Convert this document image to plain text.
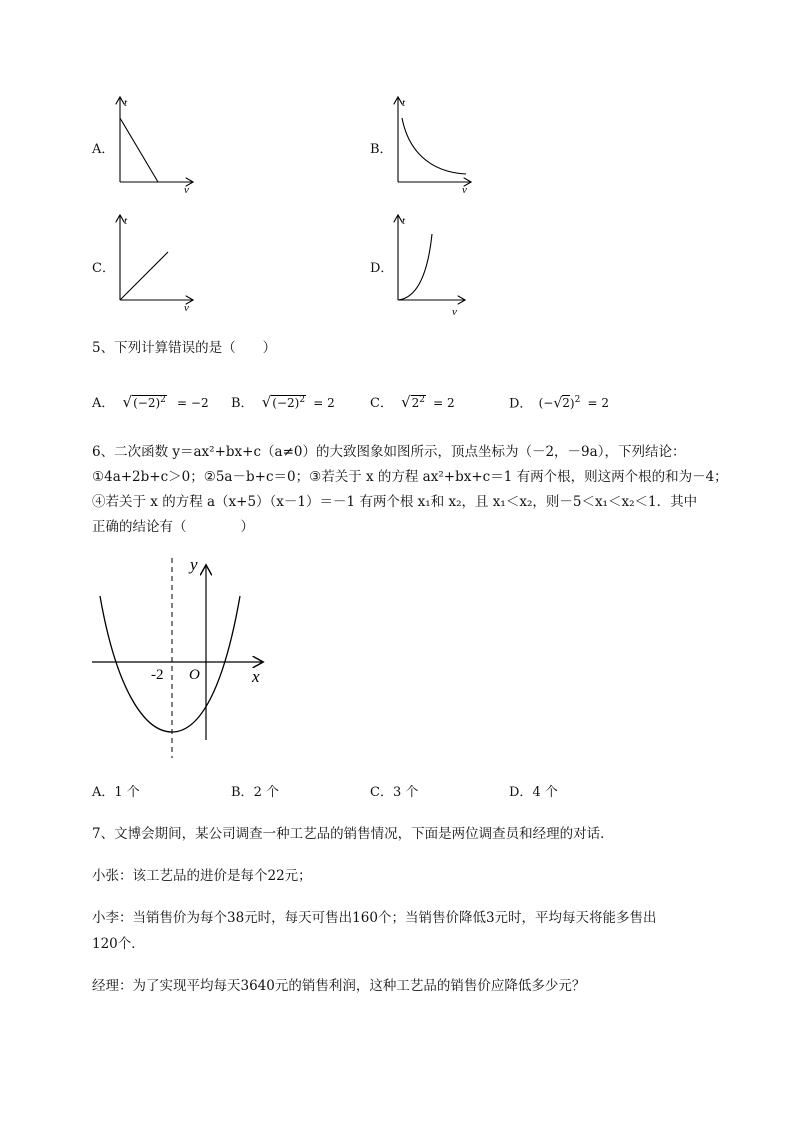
A．
t
v
B．
t
v
C．
t
v
D．
t
v
5、下列计算错误的是（　　）
A． $√(-2)^2 = -2$ B． $√(-2)^2 = 2$	C． $√2^2 = 2$	D． $(-√2)^2 = 2$
6、二次函数 y＝ax²+bx+c（a≠0）的大致图象如图所示，顶点坐标为（－2，－9a），下列结论：
①4a+2b+c＞0；②5a－b+c＝0；③若关于 x 的方程 ax²+bx+c＝1 有两个根，则这两个根的和为－4；
④若关于 x 的方程 a（x+5）（x－1）＝－1 有两个根 x₁和 x₂，且 x₁＜x₂，则－5＜x₁＜x₂＜1．其中
正确的结论有（　　　　）
y
x
O
-2
A．1 个	B．2 个	C．3 个	D．4 个
7、文博会期间，某公司调查一种工艺品的销售情况，下面是两位调查员和经理的对话．
小张：该工艺品的进价是每个22元；
小李：当销售价为每个38元时，每天可售出160个；当销售价降低3元时，平均每天将能多售出
120个．
经理：为了实现平均每天3640元的销售利润，这种工艺品的销售价应降低多少元？
